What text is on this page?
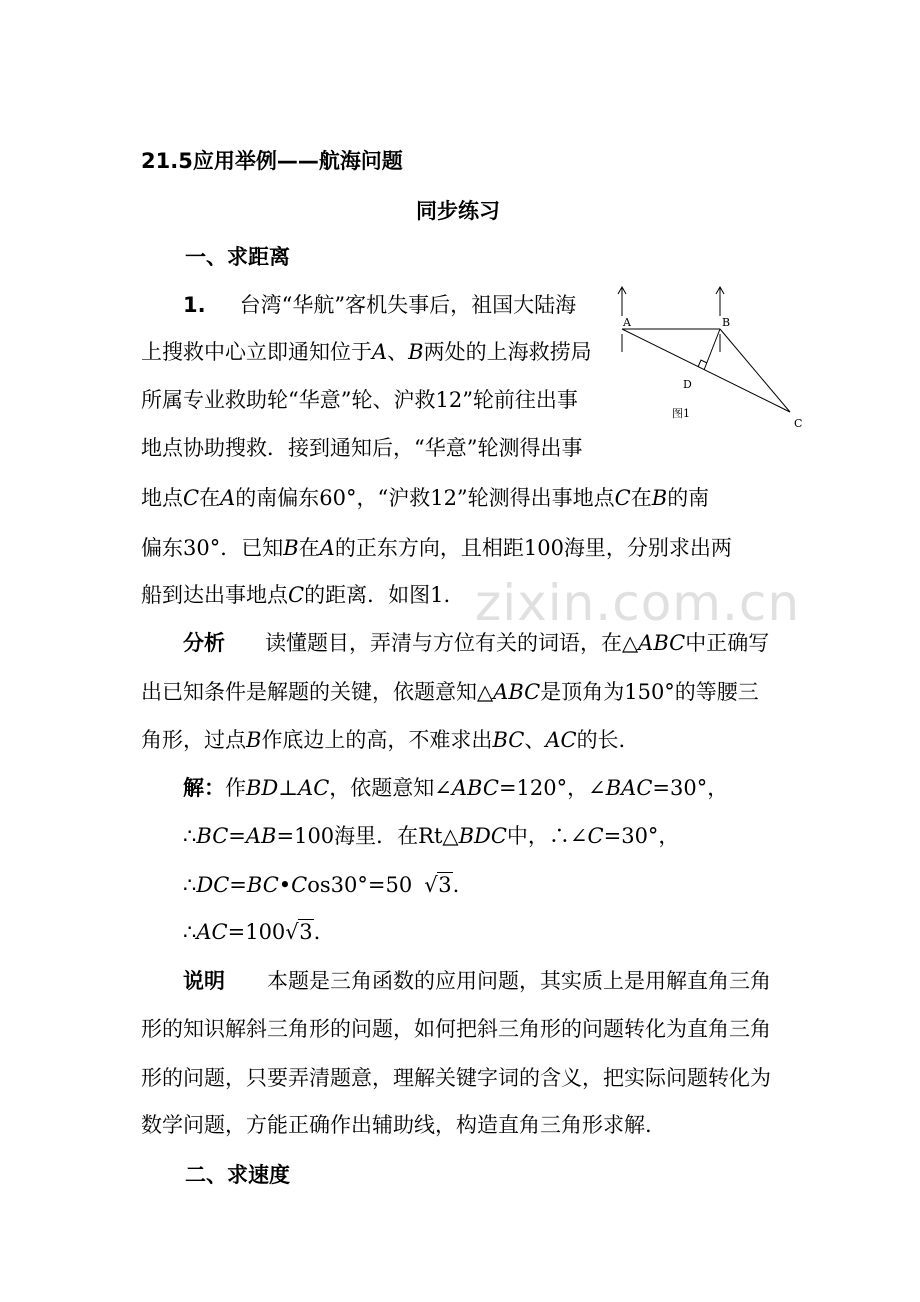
21.5应用举例——航海问题
同步练习
一、求距离
1. 台湾“华航”客机失事后，祖国大陆海
上搜救中心立即通知位于A、B两处的上海救捞局
所属专业救助轮“华意”轮、沪救12”轮前往出事
地点协助搜救．接到通知后，“华意”轮测得出事
地点C在A的南偏东60°，“沪救12”轮测得出事地点C在B的南
偏东30°．已知B在A的正东方向，且相距100海里，分别求出两
船到达出事地点C的距离．如图1. zixin.com.cn
A	B
D
C
图1
分析 读懂题目，弄清与方位有关的词语，在△ABC中正确写
出已知条件是解题的关键，依题意知△ABC是顶角为150°的等腰三
角形，过点B作底边上的高，不难求出BC、AC的长.
解：作BD⊥AC，依题意知∠ABC=120°，∠BAC=30°，
∴BC=AB=100海里．在Rt△BDC中，∴∠C=30°，
∴DC=BC•Cos30°=50 √ 3.
∴AC=100 √ 3.
说明 本题是三角函数的应用问题，其实质上是用解直角三角
形的知识解斜三角形的问题，如何把斜三角形的问题转化为直角三角
形的问题，只要弄清题意，理解关键字词的含义，把实际问题转化为
数学问题，方能正确作出辅助线，构造直角三角形求解.
二、求速度
